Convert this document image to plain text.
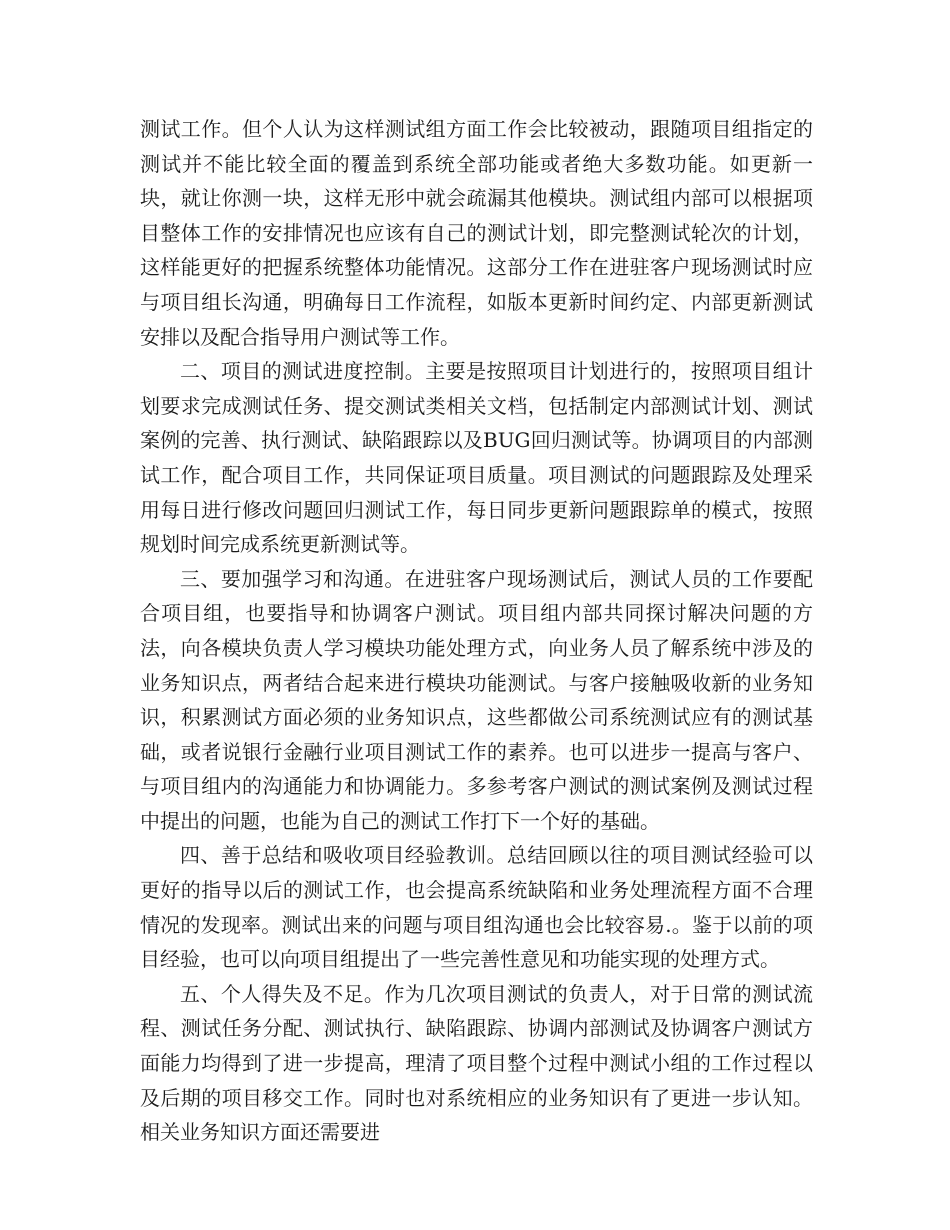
测试工作。但个人认为这样测试组方面工作会比较被动，跟随项目组指定的测试并不能比较全面的覆盖到系统全部功能或者绝大多数功能。如更新一块，就让你测一块，这样无形中就会疏漏其他模块。测试组内部可以根据项目整体工作的安排情况也应该有自己的测试计划，即完整测试轮次的计划，这样能更好的把握系统整体功能情况。这部分工作在进驻客户现场测试时应与项目组长沟通，明确每日工作流程，如版本更新时间约定、内部更新测试安排以及配合指导用户测试等工作。

二、项目的测试进度控制。主要是按照项目计划进行的，按照项目组计划要求完成测试任务、提交测试类相关文档，包括制定内部测试计划、测试案例的完善、执行测试、缺陷跟踪以及BUG回归测试等。协调项目的内部测试工作，配合项目工作，共同保证项目质量。项目测试的问题跟踪及处理采用每日进行修改问题回归测试工作，每日同步更新问题跟踪单的模式，按照规划时间完成系统更新测试等。

三、要加强学习和沟通。在进驻客户现场测试后，测试人员的工作要配合项目组，也要指导和协调客户测试。项目组内部共同探讨解决问题的方法，向各模块负责人学习模块功能处理方式，向业务人员了解系统中涉及的业务知识点，两者结合起来进行模块功能测试。与客户接触吸收新的业务知识，积累测试方面必须的业务知识点，这些都做公司系统测试应有的测试基础，或者说银行金融行业项目测试工作的素养。也可以进步一提高与客户、与项目组内的沟通能力和协调能力。多参考客户测试的测试案例及测试过程中提出的问题，也能为自己的测试工作打下一个好的基础。

四、善于总结和吸收项目经验教训。总结回顾以往的项目测试经验可以更好的指导以后的测试工作，也会提高系统缺陷和业务处理流程方面不合理情况的发现率。测试出来的问题与项目组沟通也会比较容易.。鉴于以前的项目经验，也可以向项目组提出了一些完善性意见和功能实现的处理方式。

五、个人得失及不足。作为几次项目测试的负责人，对于日常的测试流程、测试任务分配、测试执行、缺陷跟踪、协调内部测试及协调客户测试方面能力均得到了进一步提高，理清了项目整个过程中测试小组的工作过程以及后期的项目移交工作。同时也对系统相应的业务知识有了更进一步认知。相关业务知识方面还需要进
